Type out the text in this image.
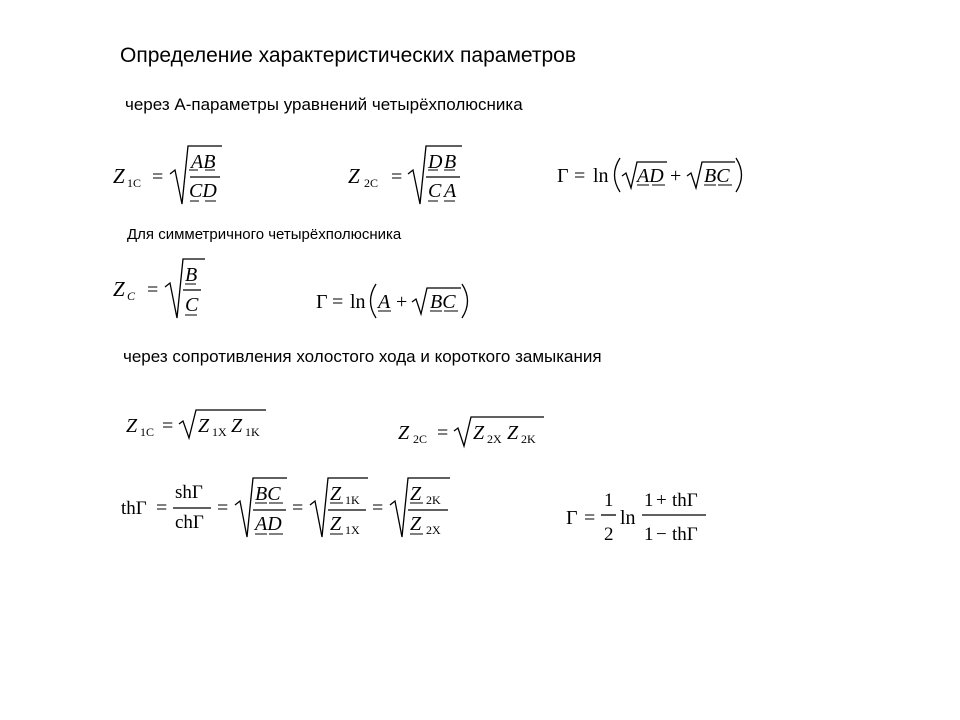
Определение характеристических параметров
через А-параметры уравнений четырёхполюсника
Для симметричного четырёхполюсника
через сопротивления холостого хода и короткого замыкания
Z 1C =
AB
CD
Z 2C =
D B
C A
Γ = ln AD + BC
Z C =
B
C	Γ = ln A + BC
Z 1C = Z 1X Z 1K	Z 2C = Z 2X Z 2K
thΓ =
shΓ
chΓ
=
BC
AD
=
Z 1K
Z 1X
=
Z 2K
Z 2X
Γ =
1
2
ln
1 + thΓ
1 − thΓ
